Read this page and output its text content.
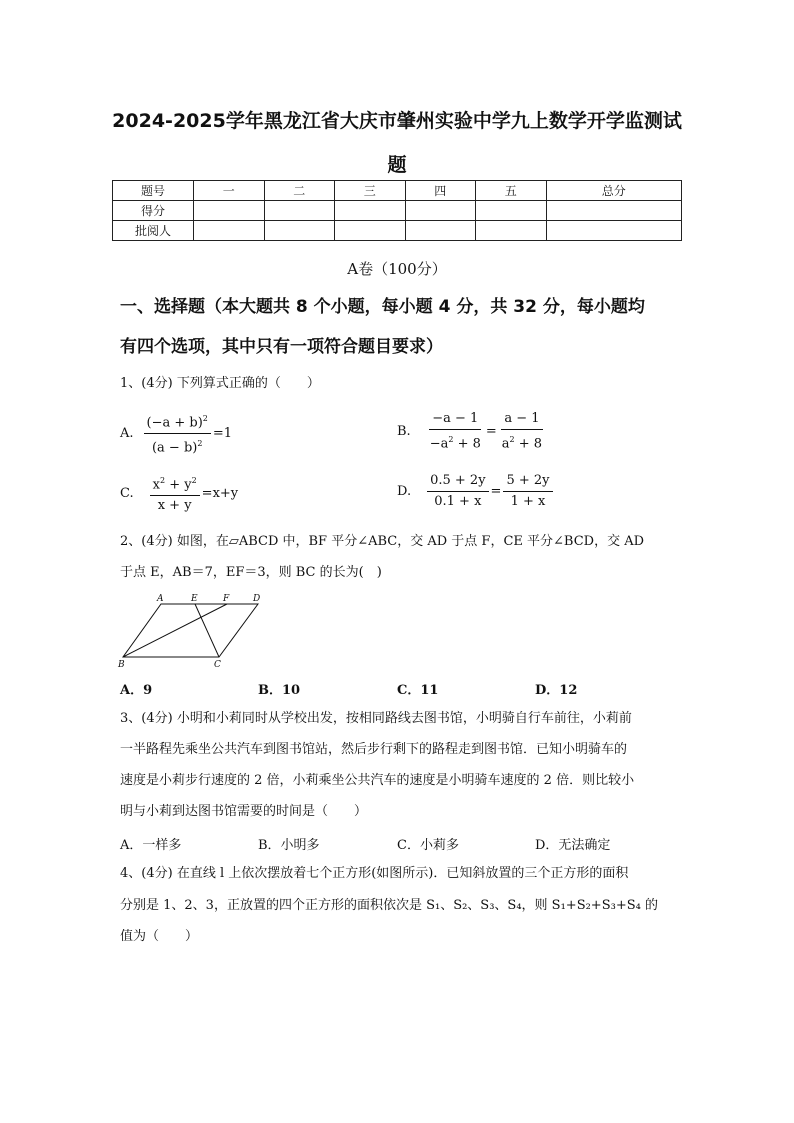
2024-2025学年黑龙江省大庆市肇州实验中学九上数学开学监测试
题
题号	一	二	三	四	五	总分
得分						
批阅人						
A卷（100分）
一、选择题（本大题共 8 个小题，每小题 4 分，共 32 分，每小题均
有四个选项，其中只有一项符合题目要求）
1、(4分) 下列算式正确的（　　）
A. $\frac{(-a + b)^2}{(a - b)^2} =1$	B. $\frac{-a - 1}{-a^2 + 8} = \frac{a - 1}{a^2 + 8}$
C. $\frac{x^2 + y^2}{x + y} =x+y$	D. $\frac{0.5 + 2y}{0.1 + x} = \frac{5 + 2y}{1 + x}$
2、(4分) 如图，在▱ABCD 中，BF 平分∠ABC，交 AD 于点 F，CE 平分∠BCD，交 AD
于点 E，AB＝7，EF＝3，则 BC 的长为(　)
A	E	F	D
B	C
A．9	B．10	C．11	D．12
3、(4分) 小明和小莉同时从学校出发，按相同路线去图书馆，小明骑自行车前往，小莉前
一半路程先乘坐公共汽车到图书馆站，然后步行剩下的路程走到图书馆．已知小明骑车的
速度是小莉步行速度的 2 倍，小莉乘坐公共汽车的速度是小明骑车速度的 2 倍．则比较小
明与小莉到达图书馆需要的时间是（　　）
A．一样多	B．小明多	C．小莉多	D．无法确定
4、(4分) 在直线 l 上依次摆放着七个正方形(如图所示)．已知斜放置的三个正方形的面积
分别是 1、2、3，正放置的四个正方形的面积依次是 S₁、S₂、S₃、S₄，则 S₁+S₂+S₃+S₄ 的
值为（　　）
